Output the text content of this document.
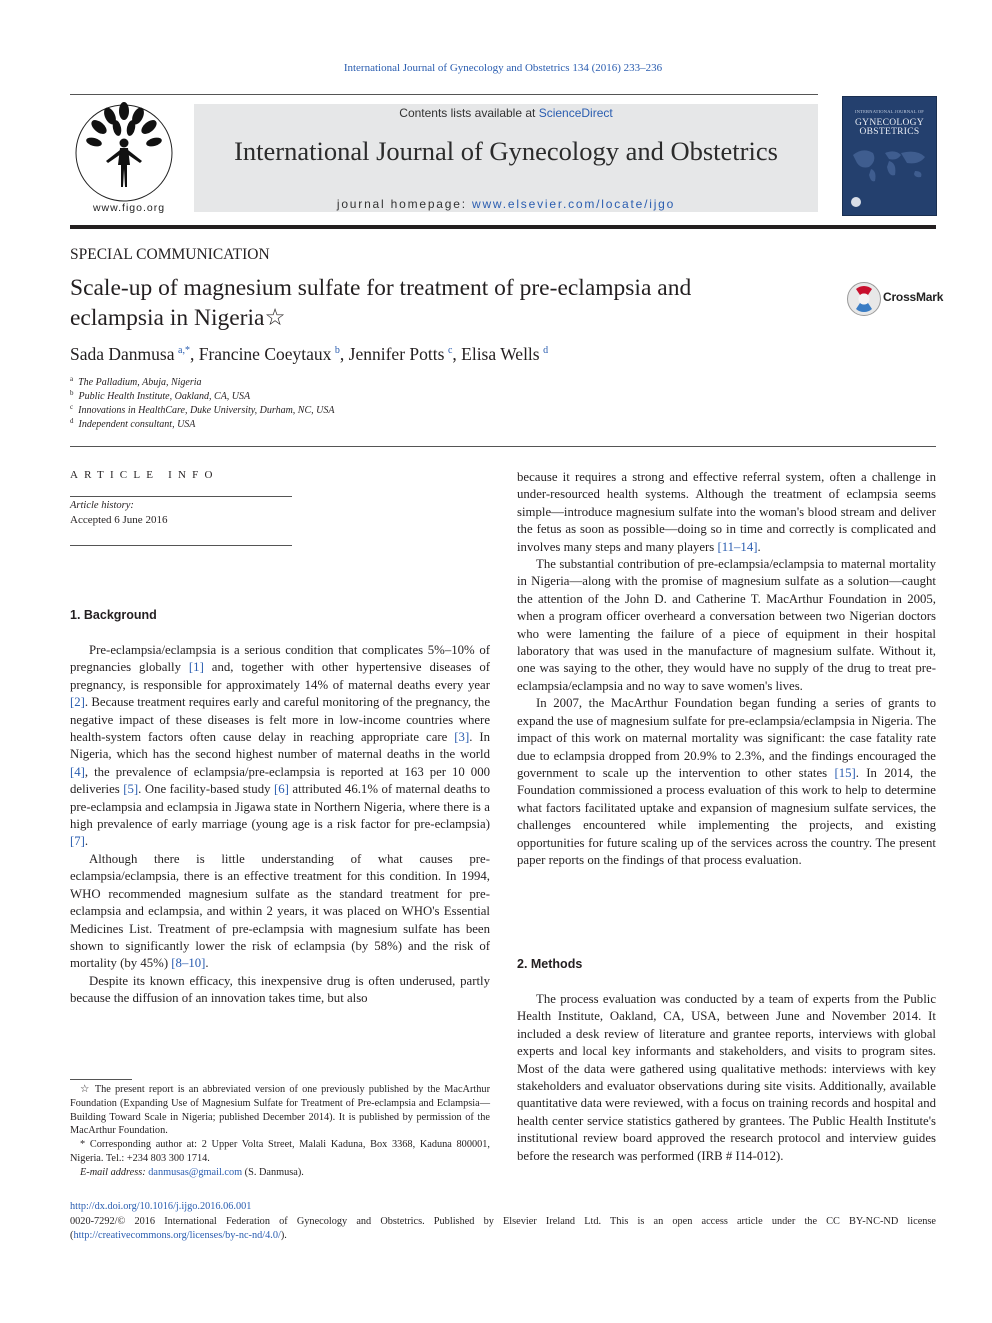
International Journal of Gynecology and Obstetrics 134 (2016) 233–236
www.figo.org
Contents lists available at ScienceDirect
International Journal of Gynecology and Obstetrics
journal homepage: www.elsevier.com/locate/ijgo
INTERNATIONAL JOURNAL OF
GYNECOLOGY
OBSTETRICS
SPECIAL COMMUNICATION
Scale-up of magnesium sulfate for treatment of pre-eclampsia and eclampsia in Nigeria☆
CrossMark
Sada Danmusa  $^{a,*}$, Francine Coeytaux  $^b$, Jennifer Potts  $^c$, Elisa Wells  $^d$
$^a$  The Palladium, Abuja, Nigeria
$^b$  Public Health Institute, Oakland, CA, USA
$^c$  Innovations in HealthCare, Duke University, Durham, NC, USA
$^d$  Independent consultant, USA
ARTICLE INFO
Article history:
Accepted 6 June 2016
1. Background

Pre-eclampsia/eclampsia is a serious condition that complicates 5%–10% of pregnancies globally [1] and, together with other hypertensive diseases of pregnancy, is responsible for approximately 14% of maternal deaths every year [2]. Because treatment requires early and careful monitoring of the pregnancy, the negative impact of these diseases is felt more in low-income countries where health-system factors often cause delay in reaching appropriate care [3]. In Nigeria, which has the second highest number of maternal deaths in the world [4], the prevalence of eclampsia/pre-eclampsia is reported at 163 per 10 000 deliveries [5]. One facility-based study [6] attributed 46.1% of maternal deaths to pre-eclampsia and eclampsia in Jigawa state in Northern Nigeria, where there is a high prevalence of early marriage (young age is a risk factor for pre-eclampsia) [7].

Although there is little understanding of what causes pre-eclampsia/eclampsia, there is an effective treatment for this condition. In 1994, WHO recommended magnesium sulfate as the standard treatment for pre-eclampsia and eclampsia, and within 2 years, it was placed on WHO's Essential Medicines List. Treatment of pre-eclampsia with magnesium sulfate has been shown to significantly lower the risk of eclampsia (by 58%) and the risk of mortality (by 45%) [8–10].

Despite its known efficacy, this inexpensive drug is often underused, partly because the diffusion of an innovation takes time, but also

☆ The present report is an abbreviated version of one previously published by the MacArthur Foundation (Expanding Use of Magnesium Sulfate for Treatment of Pre-eclampsia and Eclampsia—Building Toward Scale in Nigeria; published December 2014). It is published by permission of the MacArthur Foundation.
* Corresponding author at: 2 Upper Volta Street, Malali Kaduna, Box 3368, Kaduna 800001, Nigeria. Tel.: +234 803 300 1714.
E-mail address: danmusas@gmail.com (S. Danmusa).

because it requires a strong and effective referral system, often a challenge in under-resourced health systems. Although the treatment of eclampsia seems simple—introduce magnesium sulfate into the woman's blood stream and deliver the fetus as soon as possible—doing so in time and correctly is complicated and involves many steps and many players [11–14].

The substantial contribution of pre-eclampsia/eclampsia to maternal mortality in Nigeria—along with the promise of magnesium sulfate as a solution—caught the attention of the John D. and Catherine T. MacArthur Foundation in 2005, when a program officer overheard a conversation between two Nigerian doctors who were lamenting the failure of a piece of equipment in their hospital laboratory that was used in the manufacture of magnesium sulfate. Without it, one was saying to the other, they would have no supply of the drug to treat pre-eclampsia/eclampsia and no way to save women's lives.

In 2007, the MacArthur Foundation began funding a series of grants to expand the use of magnesium sulfate for pre-eclampsia/eclampsia in Nigeria. The impact of this work on maternal mortality was significant: the case fatality rate due to eclampsia dropped from 20.9% to 2.3%, and the findings encouraged the government to scale up the intervention to other states [15]. In 2014, the Foundation commissioned a process evaluation of this work to help to determine what factors facilitated uptake and expansion of magnesium sulfate services, the challenges encountered while implementing the projects, and existing opportunities for future scaling up of the services across the country. The present paper reports on the findings of that process evaluation.

2. Methods

The process evaluation was conducted by a team of experts from the Public Health Institute, Oakland, CA, USA, between June and November 2014. It included a desk review of literature and grantee reports, interviews with global experts and local key informants and stakeholders, and visits to program sites. Most of the data were gathered using qualitative methods: interviews with key stakeholders and evaluator observations during site visits. Additionally, available quantitative data were reviewed, with a focus on training records and hospital and health center service statistics gathered by grantees. The Public Health Institute's institutional review board approved the research protocol and interview guides before the research was performed (IRB # I14-012).

http://dx.doi.org/10.1016/j.ijgo.2016.06.001
0020-7292/© 2016 International Federation of Gynecology and Obstetrics. Published by Elsevier Ireland Ltd. This is an open access article under the CC BY-NC-ND license (http://creativecommons.org/licenses/by-nc-nd/4.0/).
